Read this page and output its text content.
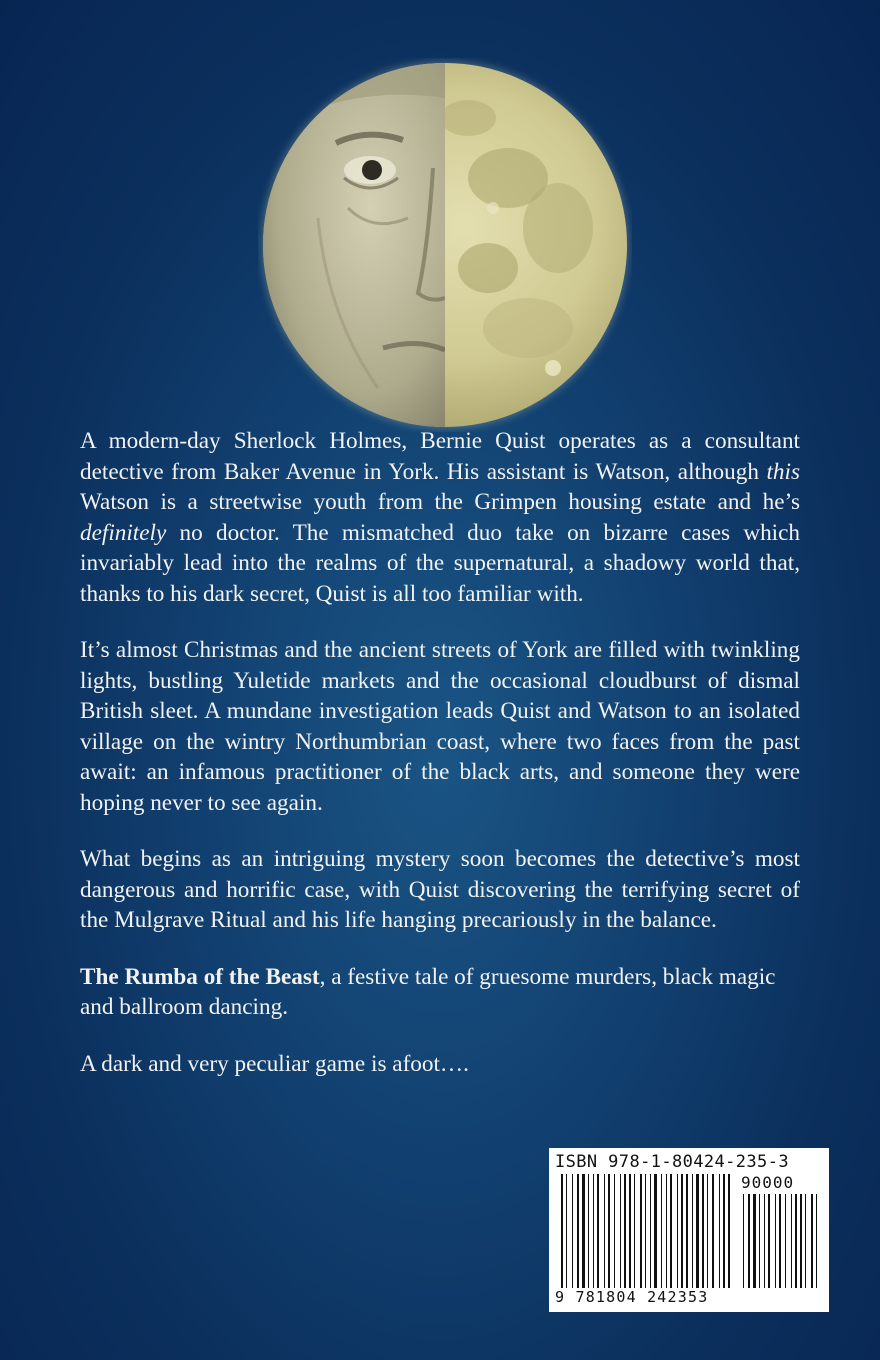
A modern-day Sherlock Holmes, Bernie Quist operates as a consultant detective from Baker Avenue in York. His assistant is Watson, although this Watson is a streetwise youth from the Grimpen housing estate and he’s definitely no doctor. The mismatched duo take on bizarre cases which invariably lead into the realms of the supernatural, a shadowy world that, thanks to his dark secret, Quist is all too familiar with.

It’s almost Christmas and the ancient streets of York are filled with twinkling lights, bustling Yuletide markets and the occasional cloudburst of dismal British sleet. A mundane investigation leads Quist and Watson to an isolated village on the wintry Northumbrian coast, where two faces from the past await: an infamous practitioner of the black arts, and someone they were hoping never to see again.

What begins as an intriguing mystery soon becomes the detective’s most dangerous and horrific case, with Quist discovering the terrifying secret of the Mulgrave Ritual and his life hanging precariously in the balance.

The Rumba of the Beast, a festive tale of gruesome murders, black magic and ballroom dancing.

A dark and very peculiar game is afoot….

ISBN 978-1-80424-235-3
90000
9 781804 242353
